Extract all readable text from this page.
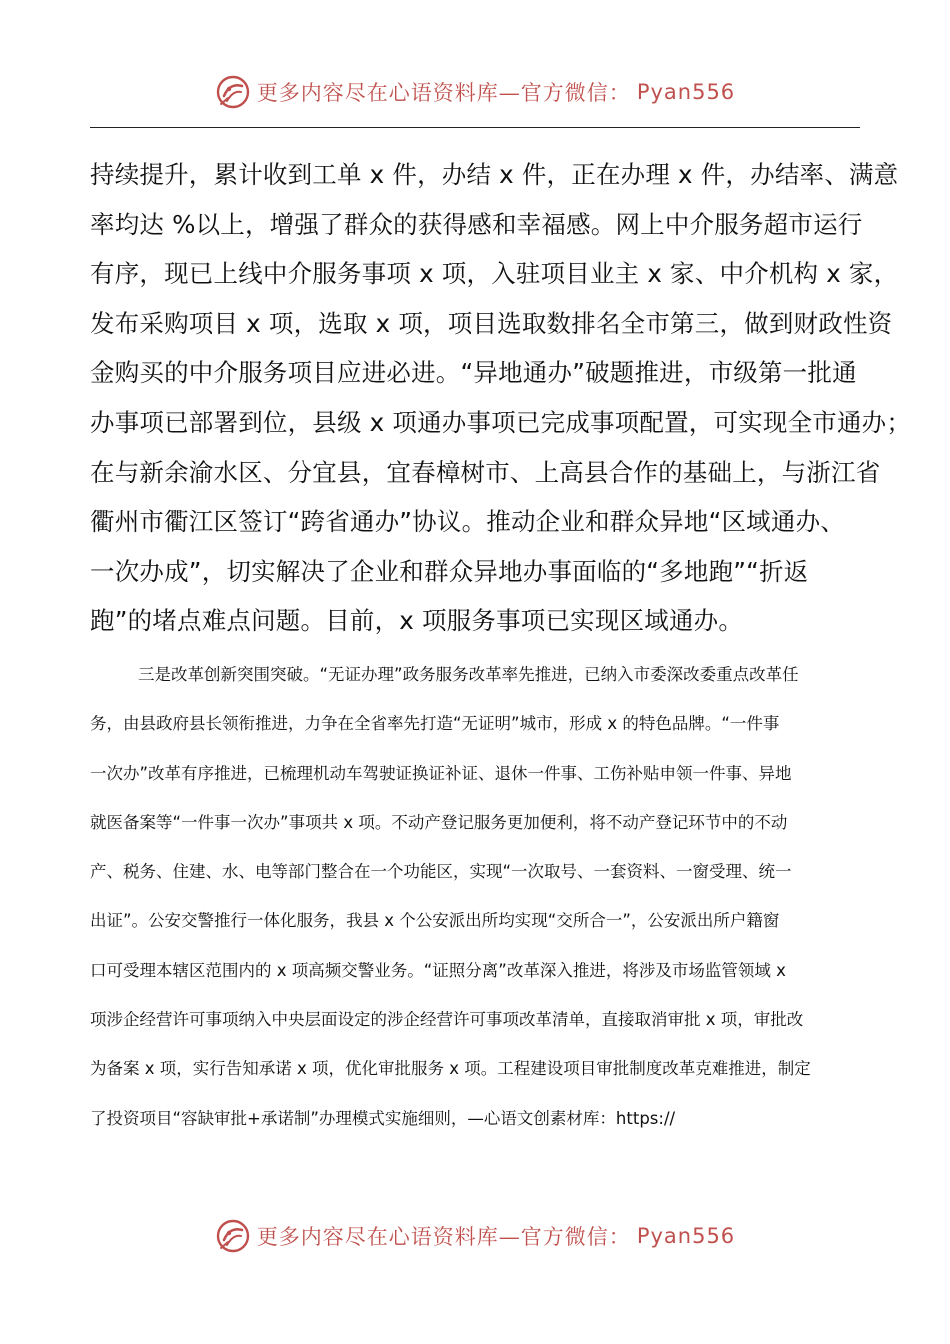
更多内容尽在心语资料库—官方微信： Pyan556
持续提升，累计收到工单 x 件，办结 x 件，正在办理 x 件，办结率、满意
率均达 %以上，增强了群众的获得感和幸福感。网上中介服务超市运行
有序，现已上线中介服务事项 x 项，入驻项目业主 x 家、中介机构 x 家，
发布采购项目 x 项，选取 x 项，项目选取数排名全市第三，做到财政性资
金购买的中介服务项目应进必进。“异地通办”破题推进，市级第一批通
办事项已部署到位，县级 x 项通办事项已完成事项配置，可实现全市通办；
在与新余渝水区、分宜县，宜春樟树市、上高县合作的基础上，与浙江省
衢州市衢江区签订“跨省通办”协议。推动企业和群众异地“区域通办、
一次办成”，切实解决了企业和群众异地办事面临的“多地跑”“折返
跑”的堵点难点问题。目前，x 项服务事项已实现区域通办。
三是改革创新突围突破。“无证办理”政务服务改革率先推进，已纳入市委深改委重点改革任
务，由县政府县长领衔推进，力争在全省率先打造“无证明”城市，形成 x 的特色品牌。“一件事
一次办”改革有序推进，已梳理机动车驾驶证换证补证、退休一件事、工伤补贴申领一件事、异地
就医备案等“一件事一次办”事项共 x 项。不动产登记服务更加便利，将不动产登记环节中的不动
产、税务、住建、水、电等部门整合在一个功能区，实现“一次取号、一套资料、一窗受理、统一
出证”。公安交警推行一体化服务，我县 x 个公安派出所均实现“交所合一”，公安派出所户籍窗
口可受理本辖区范围内的 x 项高频交警业务。“证照分离”改革深入推进，将涉及市场监管领域 x
项涉企经营许可事项纳入中央层面设定的涉企经营许可事项改革清单，直接取消审批 x 项，审批改
为备案 x 项，实行告知承诺 x 项，优化审批服务 x 项。工程建设项目审批制度改革克难推进，制定
了投资项目“容缺审批+承诺制”办理模式实施细则，—心语文创素材库：https://
更多内容尽在心语资料库—官方微信： Pyan556
